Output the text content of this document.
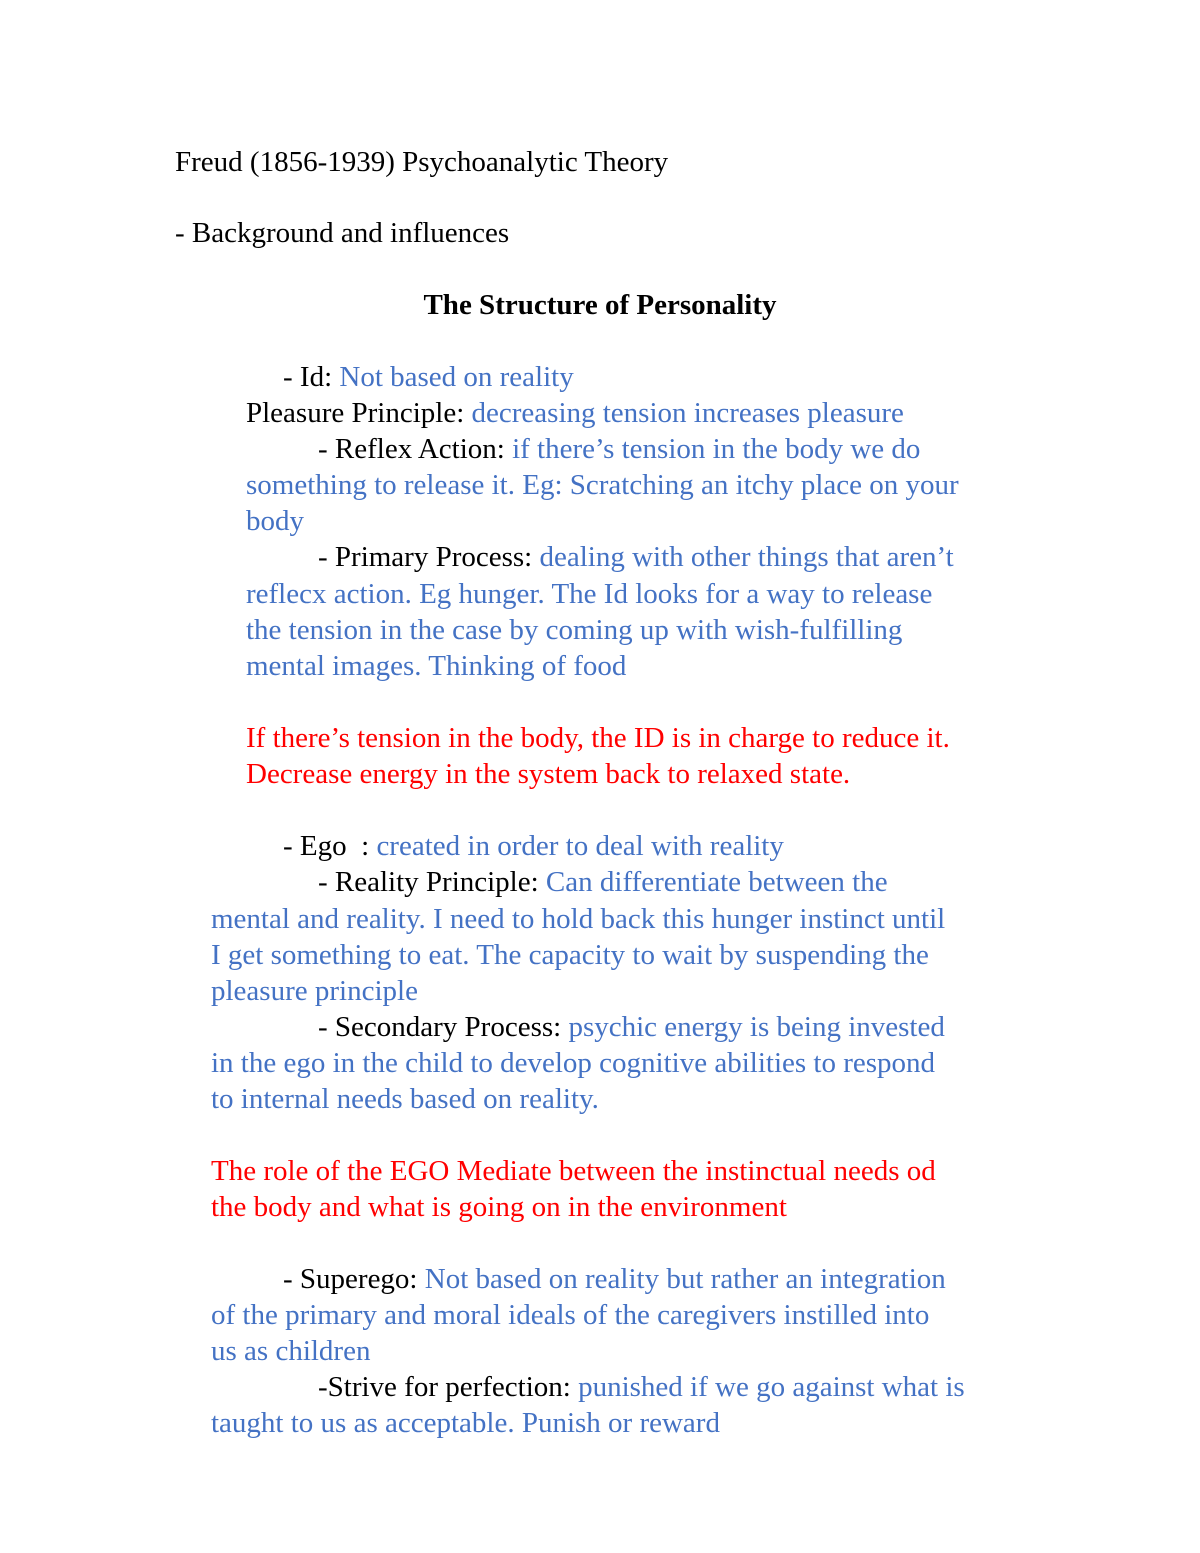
Freud (1856-1939) Psychoanalytic Theory
- Background and influences
The Structure of Personality
- Id: Not based on reality
Pleasure Principle: decreasing tension increases pleasure
- Reflex Action: if there’s tension in the body we do
something to release it. Eg: Scratching an itchy place on your
body
- Primary Process: dealing with other things that aren’t
reflecx action. Eg hunger. The Id looks for a way to release
the tension in the case by coming up with wish-fulfilling
mental images. Thinking of food
If there’s tension in the body, the ID is in charge to reduce it.
Decrease energy in the system back to relaxed state.
- Ego  : created in order to deal with reality
- Reality Principle: Can differentiate between the
mental and reality. I need to hold back this hunger instinct until
I get something to eat. The capacity to wait by suspending the
pleasure principle
- Secondary Process: psychic energy is being invested
in the ego in the child to develop cognitive abilities to respond
to internal needs based on reality.
The role of the EGO Mediate between the instinctual needs od
the body and what is going on in the environment
- Superego: Not based on reality but rather an integration
of the primary and moral ideals of the caregivers instilled into
us as children
-Strive for perfection: punished if we go against what is
taught to us as acceptable. Punish or reward
